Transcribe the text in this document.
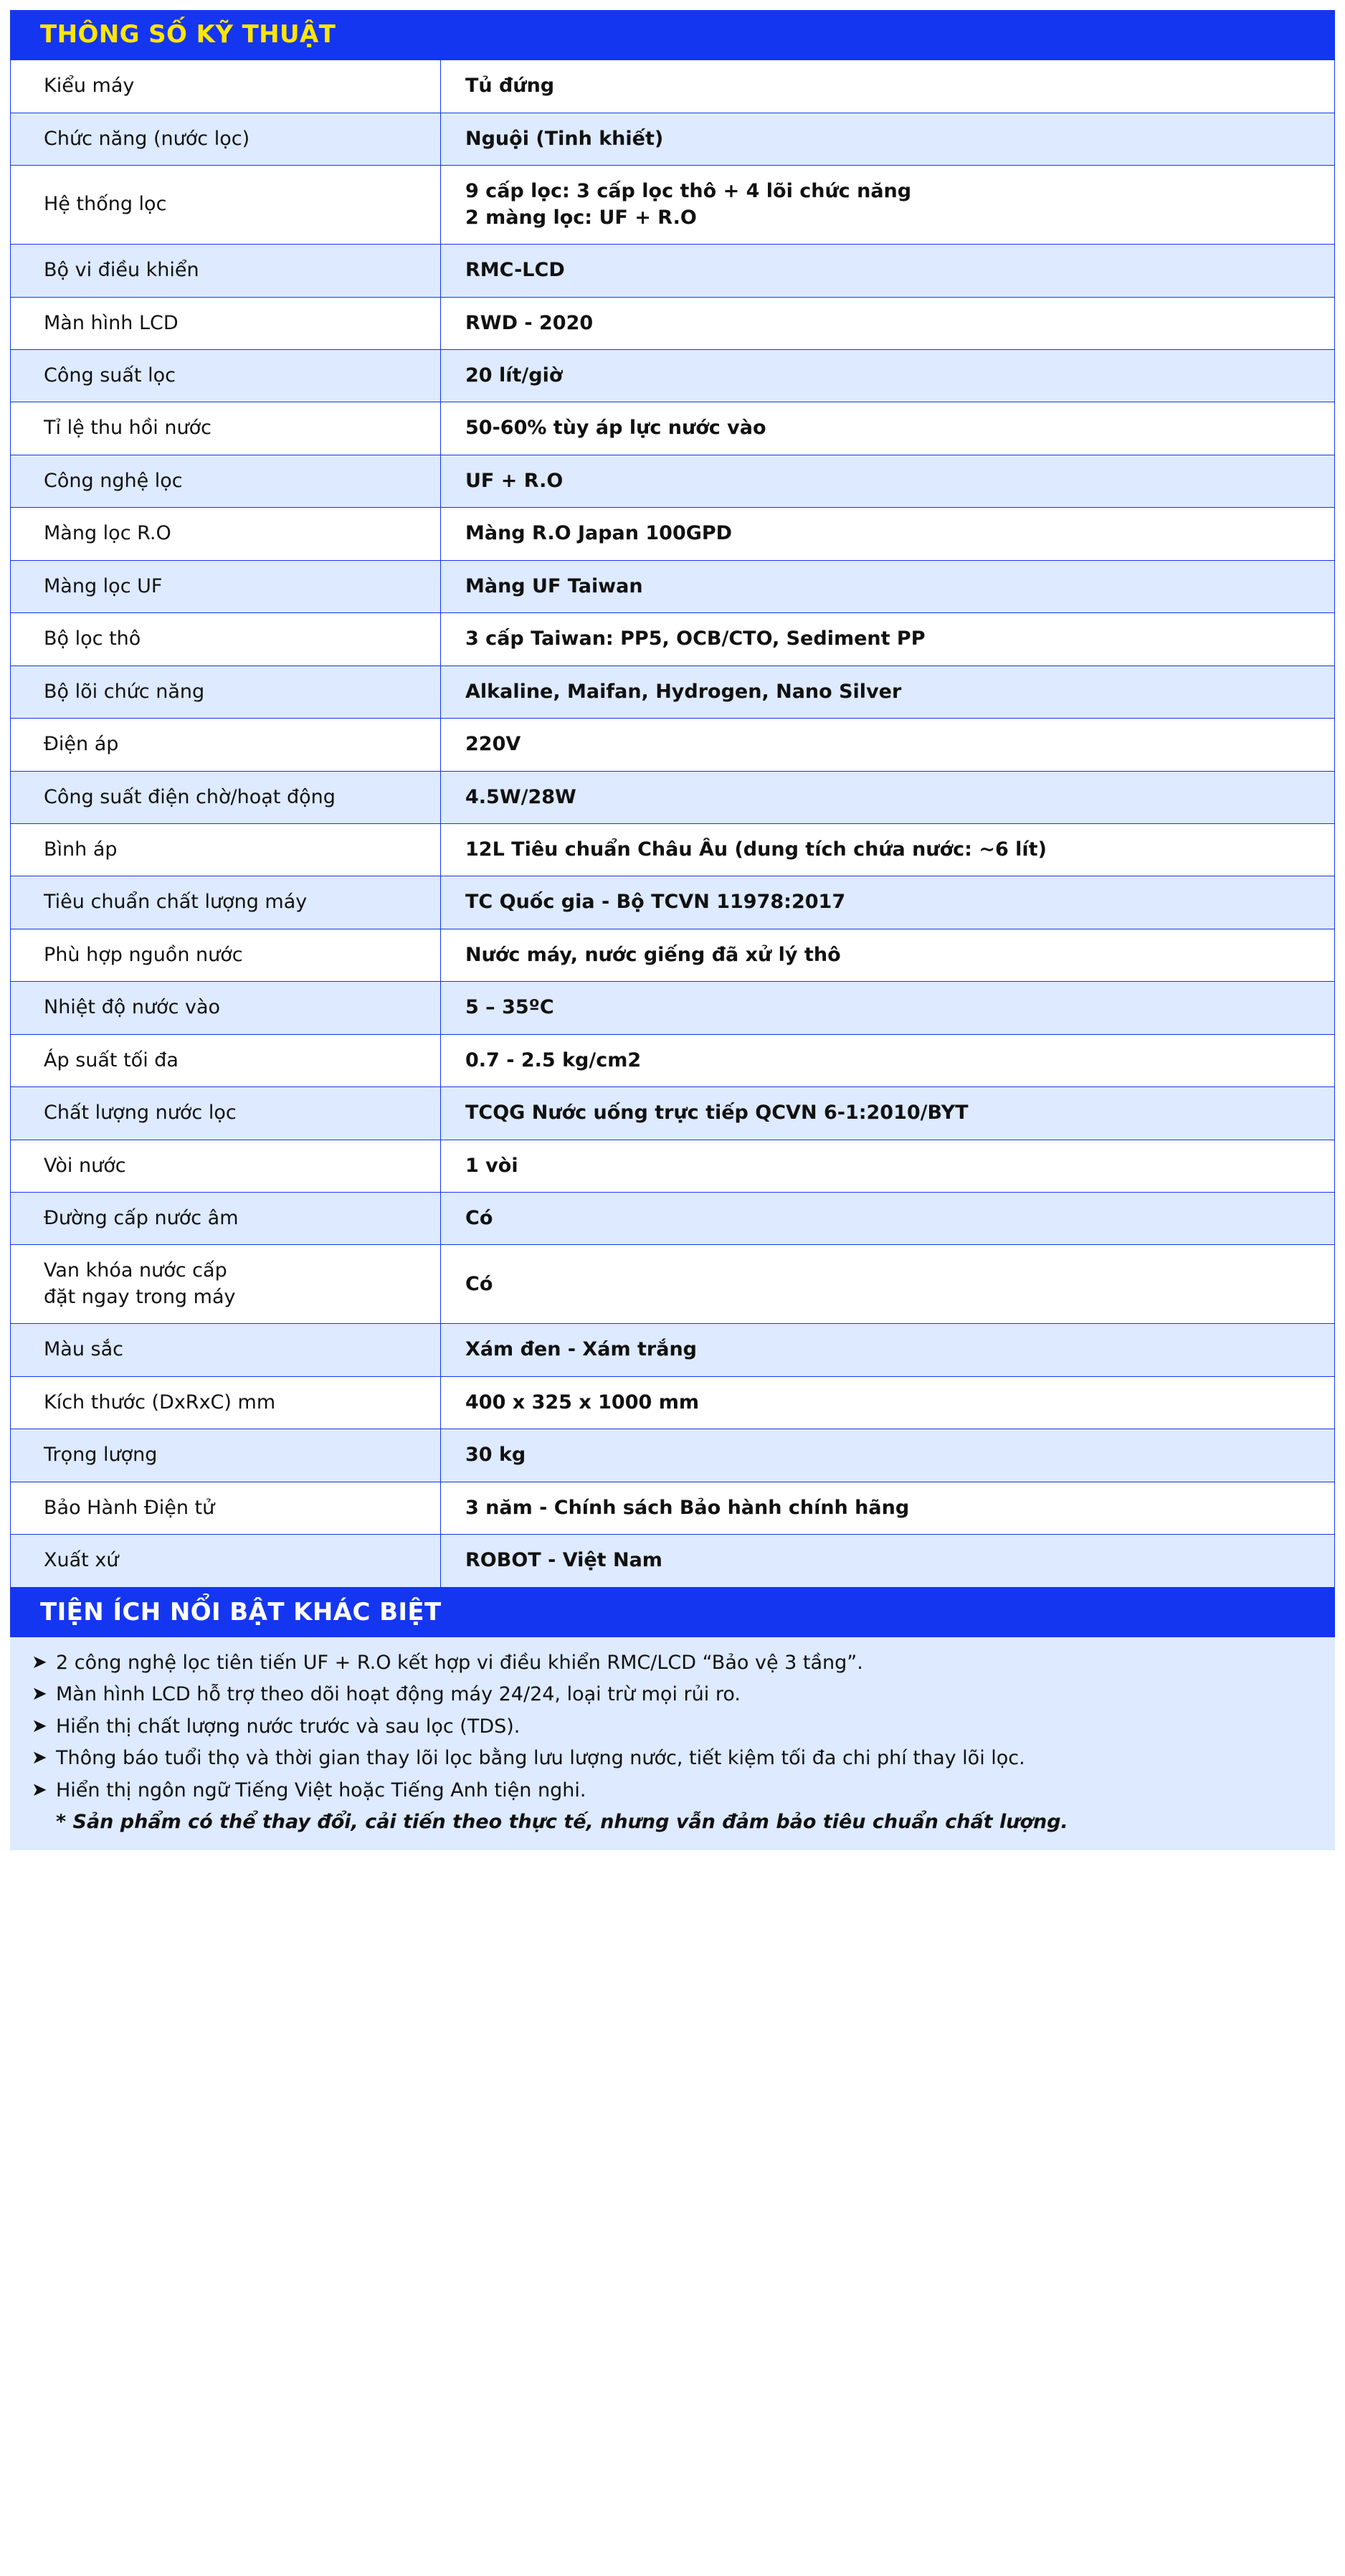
THÔNG SỐ KỸ THUẬT
Kiểu máy	Tủ đứng

Chức năng (nước lọc)	Nguội (Tinh khiết)

Hệ thống lọc	9 cấp lọc: 3 cấp lọc thô + 4 lõi chức năng
2 màng lọc: UF + R.O

Bộ vi điều khiển	RMC-LCD

Màn hình LCD	RWD - 2020

Công suất lọc	20 lít/giờ

Tỉ lệ thu hồi nước	50-60% tùy áp lực nước vào

Công nghệ lọc	UF + R.O

Màng lọc R.O	Màng R.O Japan 100GPD

Màng lọc UF	Màng UF Taiwan

Bộ lọc thô	3 cấp Taiwan: PP5, OCB/CTO, Sediment PP

Bộ lõi chức năng	Alkaline, Maifan, Hydrogen, Nano Silver

Điện áp	220V

Công suất điện chờ/hoạt động	4.5W/28W

Bình áp	12L Tiêu chuẩn Châu Âu (dung tích chứa nước: ~6 lít)

Tiêu chuẩn chất lượng máy	TC Quốc gia - Bộ TCVN 11978:2017

Phù hợp nguồn nước	Nước máy, nước giếng đã xử lý thô

Nhiệt độ nước vào	5 – 35ºC

Áp suất tối đa	0.7 - 2.5 kg/cm2

Chất lượng nước lọc	TCQG Nước uống trực tiếp QCVN 6-1:2010/BYT

Vòi nước	1 vòi

Đường cấp nước âm	Có

Van khóa nước cấp
đặt ngay trong máy	Có

Màu sắc	Xám đen - Xám trắng

Kích thước (DxRxC) mm	400 x 325 x 1000 mm

Trọng lượng	30 kg

Bảo Hành Điện tử	3 năm - Chính sách Bảo hành chính hãng

Xuất xứ	ROBOT - Việt Nam
TIỆN ÍCH NỔI BẬT KHÁC BIỆT
➤ 2 công nghệ lọc tiên tiến UF + R.O kết hợp vi điều khiển RMC/LCD “Bảo vệ 3 tầng”.
➤ Màn hình LCD hỗ trợ theo dõi hoạt động máy 24/24, loại trừ mọi rủi ro.
➤ Hiển thị chất lượng nước trước và sau lọc (TDS).
➤ Thông báo tuổi thọ và thời gian thay lõi lọc bằng lưu lượng nước, tiết kiệm tối đa chi phí thay lõi lọc.
➤ Hiển thị ngôn ngữ Tiếng Việt hoặc Tiếng Anh tiện nghi.
* Sản phẩm có thể thay đổi, cải tiến theo thực tế, nhưng vẫn đảm bảo tiêu chuẩn chất lượng.
